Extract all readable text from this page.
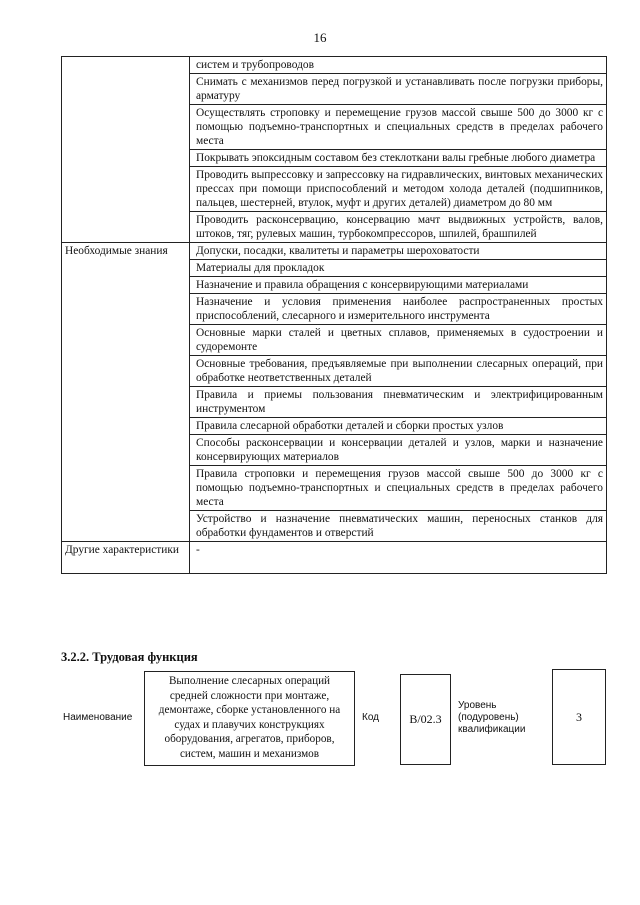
16
	систем и трубопроводов
	Снимать с механизмов перед погрузкой и устанавливать после погрузки приборы, арматуру
	Осуществлять строповку и перемещение грузов массой свыше 500 до 3000 кг с помощью подъемно-транспортных и специальных средств в пределах рабочего места
	Покрывать эпоксидным составом без стеклоткани валы гребные любого диаметра
	Проводить выпрессовку и запрессовку на гидравлических, винтовых механических прессах при помощи приспособлений и методом холода деталей (подшипников, пальцев, шестерней, втулок, муфт и других деталей) диаметром до 80 мм
	Проводить расконсервацию, консервацию мачт выдвижных устройств, валов, штоков, тяг, рулевых машин, турбокомпрессоров, шпилей, брашпилей
Необходимые знания	Допуски, посадки, квалитеты и параметры шероховатости
	Материалы для прокладок
	Назначение и правила обращения с консервирующими материалами
	Назначение и условия применения наиболее распространенных простых приспособлений, слесарного и измерительного инструмента
	Основные марки сталей и цветных сплавов, применяемых в судостроении и судоремонте
	Основные требования, предъявляемые при выполнении слесарных операций, при обработке неответственных деталей
	Правила и приемы пользования пневматическим и электрифицированным инструментом
	Правила слесарной обработки деталей и сборки простых узлов
	Способы расконсервации и консервации деталей и узлов, марки и назначение консервирующих материалов
	Правила строповки и перемещения грузов массой свыше 500 до 3000 кг с помощью подъемно-транспортных и специальных средств в пределах рабочего места
	Устройство и назначение пневматических машин, переносных станков для обработки фундаментов и отверстий
Другие характеристики	-
3.2.2. Трудовая функция
Наименование
Выполнение слесарных операций средней сложности при монтаже, демонтаже, сборке установленного на судах и плавучих конструкциях оборудования, агрегатов, приборов, систем, машин и механизмов
Код	B/02.3
Уровень (подуровень) квалификации
3
